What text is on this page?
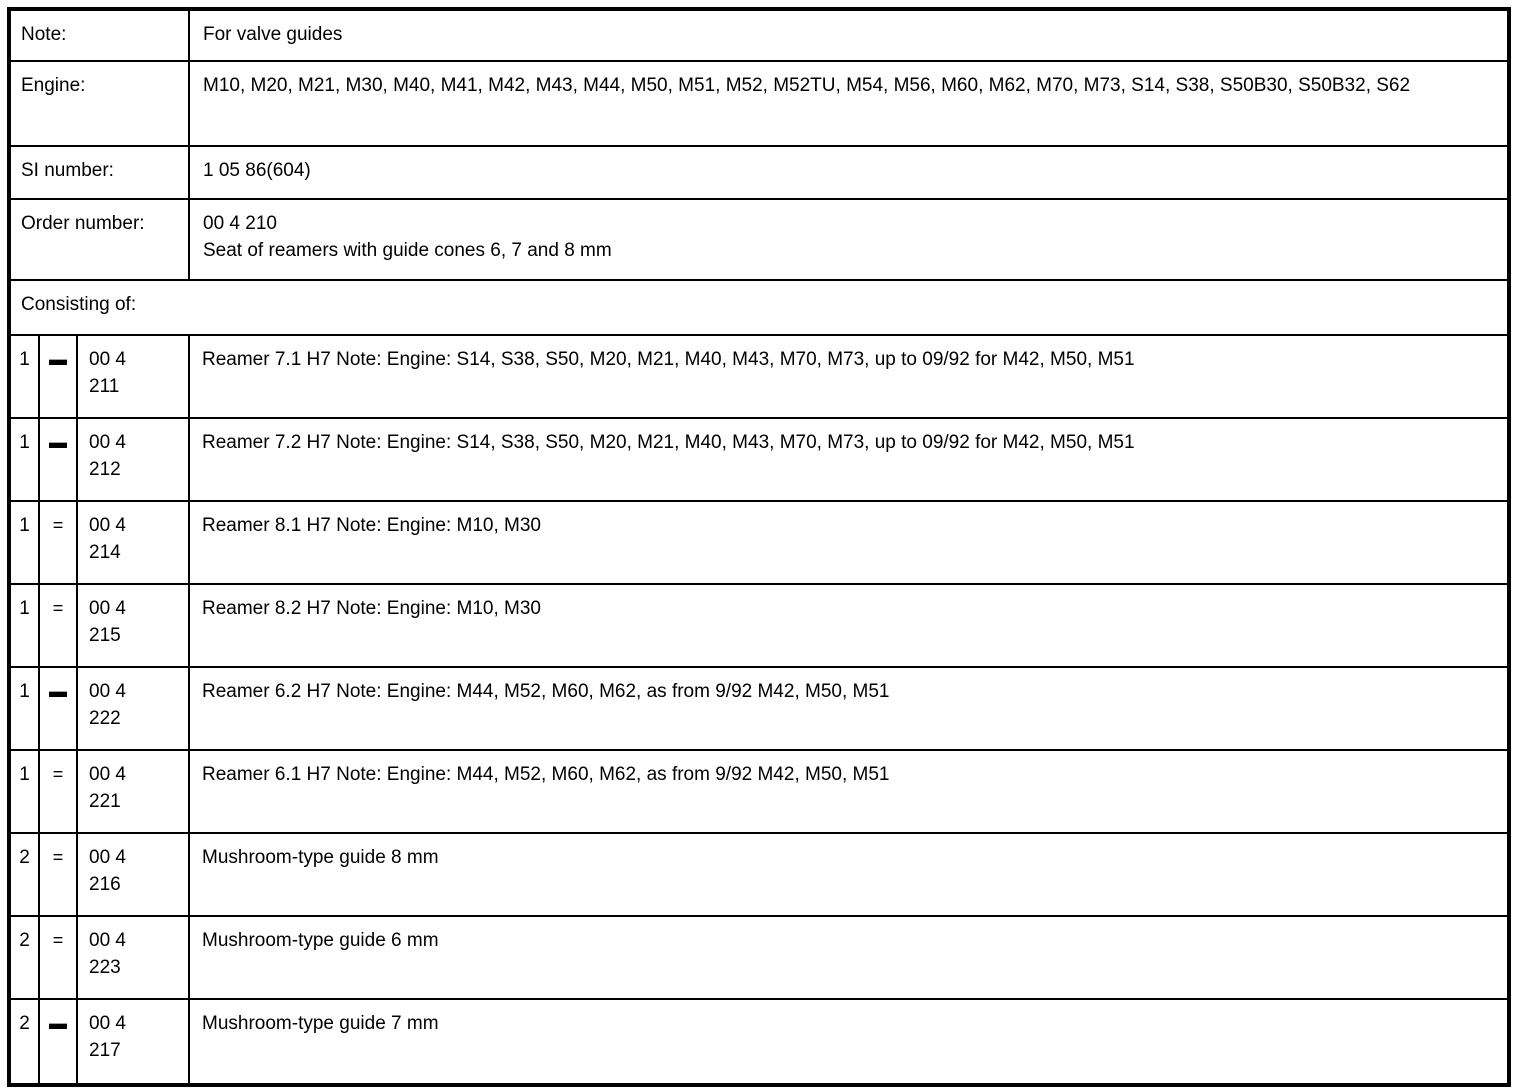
Note:	For valve guides
Engine:	M10, M20, M21, M30, M40, M41, M42, M43, M44, M50, M51, M52, M52TU, M54, M56, M60, M62, M70, M73, S14, S38, S50B30, S50B32, S62
SI number:	1 05 86(604)
Order number:	00 4 210
Seat of reamers with guide cones 6, 7 and 8 mm
Consisting of:
1	▬	00 4
211
Reamer 7.1 H7 Note: Engine: S14, S38, S50, M20, M21, M40, M43, M70, M73, up to 09/92 for M42, M50, M51
1	▬	00 4
212
Reamer 7.2 H7 Note: Engine: S14, S38, S50, M20, M21, M40, M43, M70, M73, up to 09/92 for M42, M50, M51
1	=	00 4
214
Reamer 8.1 H7 Note: Engine: M10, M30
1	=	00 4
215
Reamer 8.2 H7 Note: Engine: M10, M30
1	▬	00 4
222
Reamer 6.2 H7 Note: Engine: M44, M52, M60, M62, as from 9/92 M42, M50, M51
1	=	00 4
221
Reamer 6.1 H7 Note: Engine: M44, M52, M60, M62, as from 9/92 M42, M50, M51
2	=	00 4
216
Mushroom-type guide 8 mm
2	=	00 4
223
Mushroom-type guide 6 mm
2	▬	00 4
217
Mushroom-type guide 7 mm
